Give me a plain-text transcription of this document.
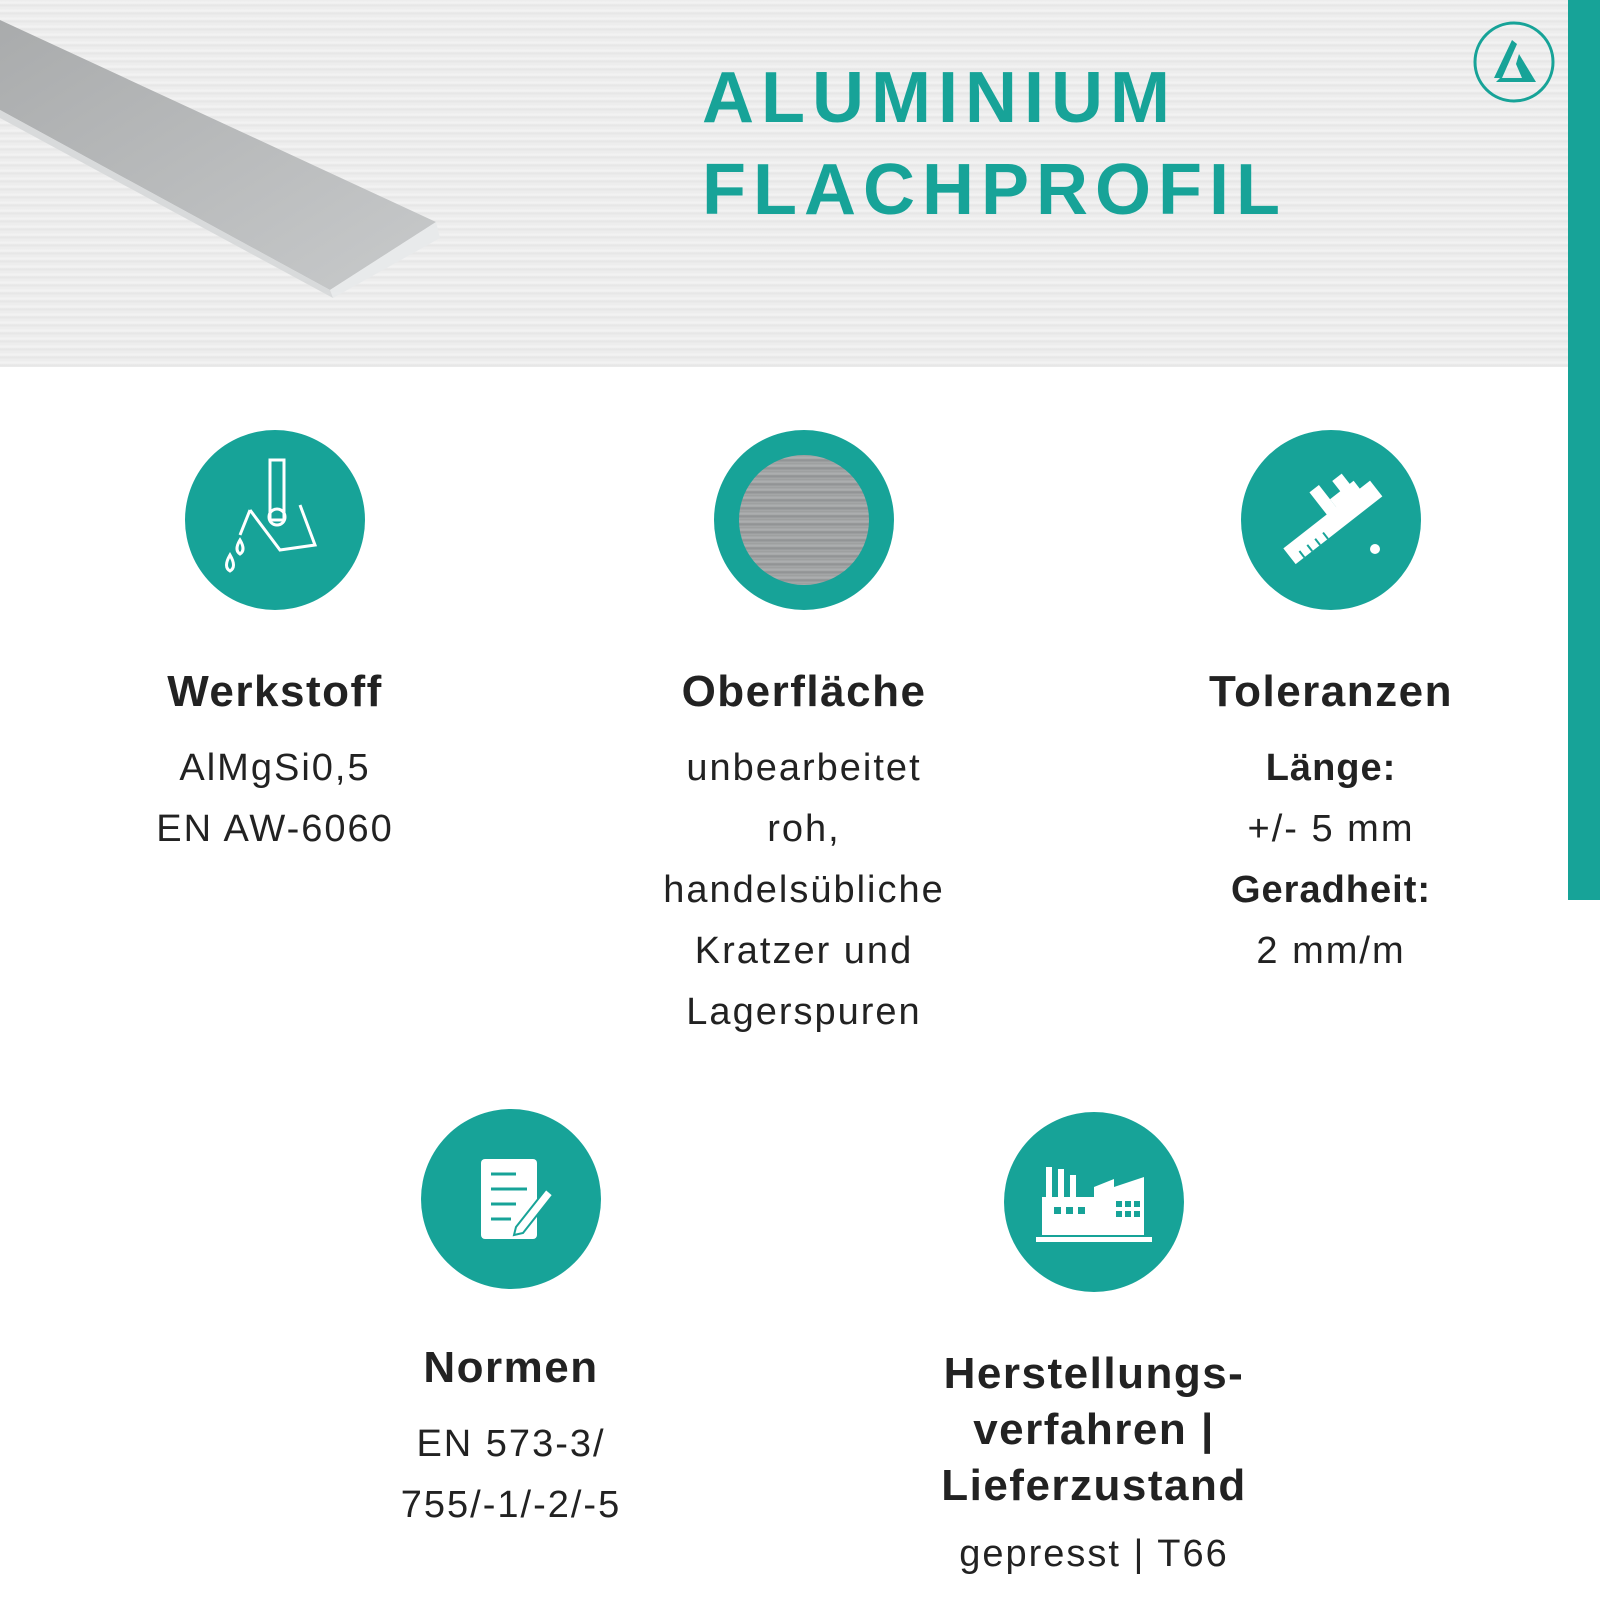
ALUMINIUM
FLACHPROFIL
Werkstoff
AlMgSi0,5
EN AW-6060
Oberfläche
unbearbeitet
roh,
handelsübliche
Kratzer und
Lagerspuren
Toleranzen
Länge:
+/- 5 mm
Geradheit:
2 mm/m
Normen
EN 573-3/
755/-1/-2/-5
Herstellungs-
verfahren |
Lieferzustand
gepresst | T66
